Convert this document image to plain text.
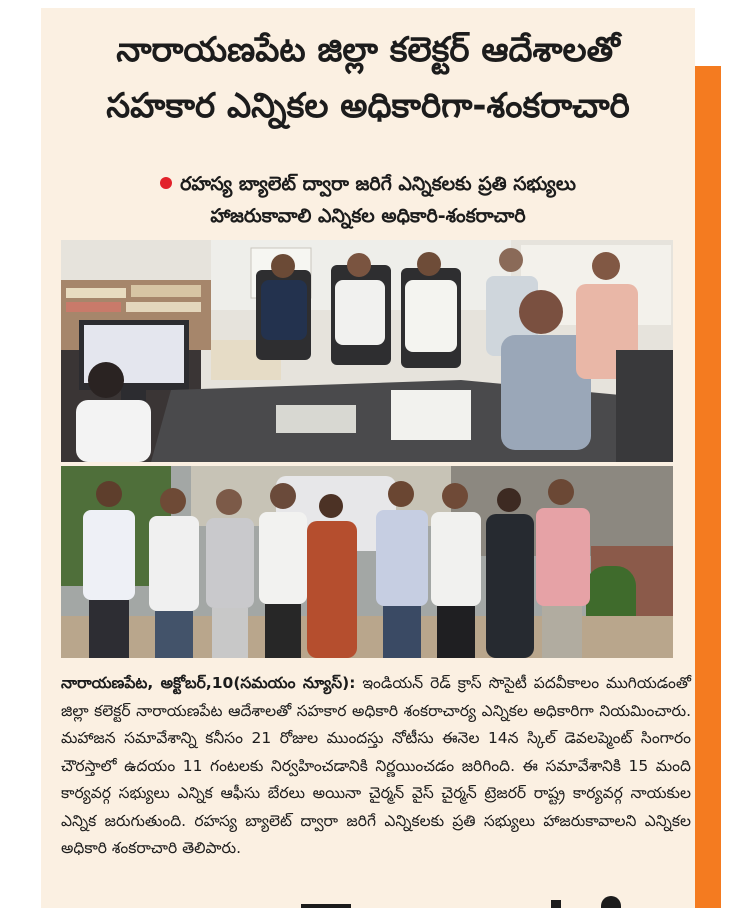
నారాయణపేట జిల్లా కలెక్టర్ ఆదేశాలతో
సహకార ఎన్నికల అధికారిగా-శంకరాచారి
రహస్య బ్యాలెట్ ద్వారా జరిగే ఎన్నికలకు ప్రతి సభ్యులు
హాజరుకావాలి ఎన్నికల అధికారి-శంకరాచారి
నారాయణపేట, అక్టోబర్,10(సమయం న్యూస్): ఇండియన్ రెడ్ క్రాస్ సొసైటీ పదవీకాలం ముగియడంతో జిల్లా కలెక్టర్ నారాయణపేట ఆదేశాలతో సహకార అధికారి శంకరాచార్య ఎన్నికల అధికారిగా నియమించారు. మహాజన సమావేశాన్ని కనీసం 21 రోజుల ముందస్తు నోటీసు ఈనెల 14న స్కిల్ డెవలప్మెంట్ సింగారం చౌరస్తాలో ఉదయం 11 గంటలకు నిర్వహించడానికి నిర్ణయించడం జరిగింది. ఈ సమావేశానికి 15 మంది కార్యవర్గ సభ్యులు ఎన్నిక ఆఫీసు బేరలు అయినా చైర్మన్ వైస్ చైర్మన్ ట్రెజరర్ రాష్ట్ర కార్యవర్గ నాయకుల ఎన్నిక జరుగుతుంది. రహస్య బ్యాలెట్ ద్వారా జరిగే ఎన్నికలకు ప్రతి సభ్యులు హాజరుకావాలని ఎన్నికల అధికారి శంకరాచారి తెలిపారు.
